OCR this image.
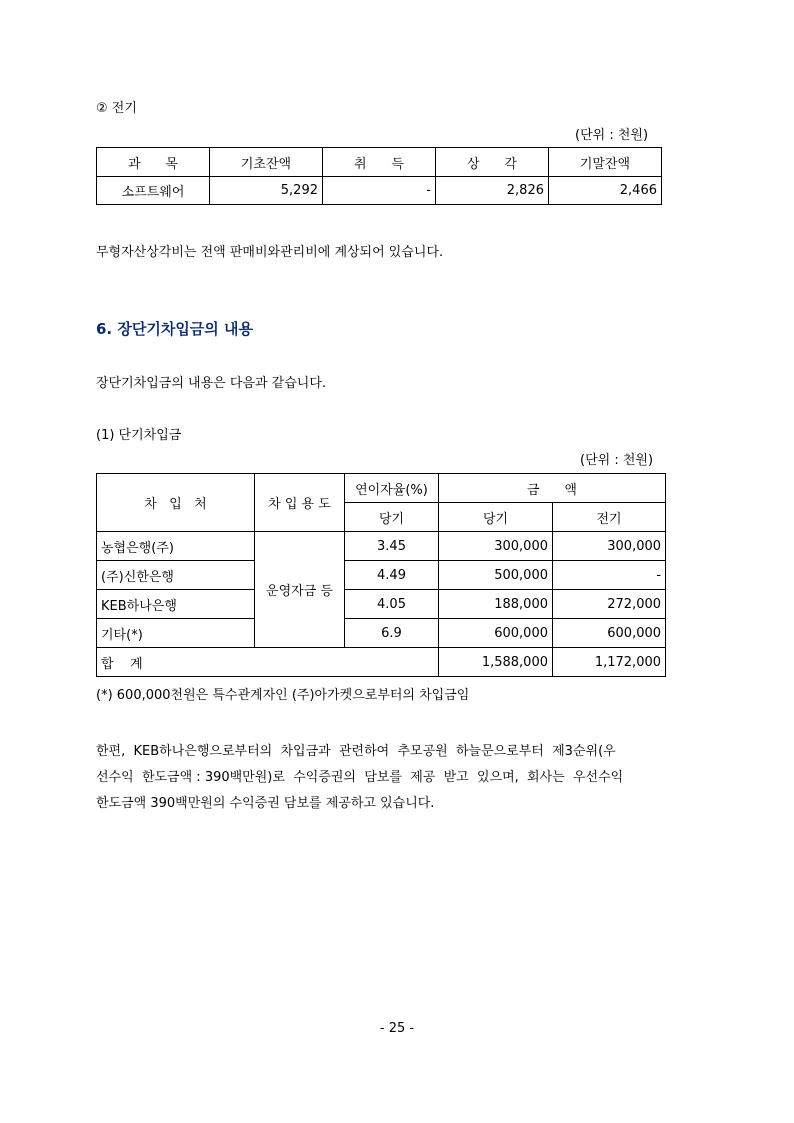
② 전기
(단위 : 천원)
과      목	기초잔액	취      득	상      각	기말잔액
소프트웨어	5,292	-	2,826	2,466
무형자산상각비는 전액 판매비와관리비에 계상되어 있습니다.
6. 장단기차입금의 내용
장단기차입금의 내용은 다음과 같습니다.
(1) 단기차입금
(단위 : 천원)
차   입   처	차 입 용 도	연이자율(%)	금      액	
		당기	당기	전기
농협은행(주)	운영자금 등	3.45	300,000	300,000
(주)신한은행		4.49	500,000	-
KEB하나은행		4.05	188,000	272,000
기타(*)		6.9	600,000	600,000
합    계			1,588,000	1,172,000
(*) 600,000천원은 특수관계자인 (주)아가켓으로부터의 차입금임
한편,  KEB하나은행으로부터의  차입금과  관련하여  추모공원  하늘문으로부터  제3순위(우
선수익  한도금액 : 390백만원)로  수익증권의  담보를  제공  받고  있으며,  회사는  우선수익
한도금액 390백만원의 수익증권 담보를 제공하고 있습니다.
- 25 -
